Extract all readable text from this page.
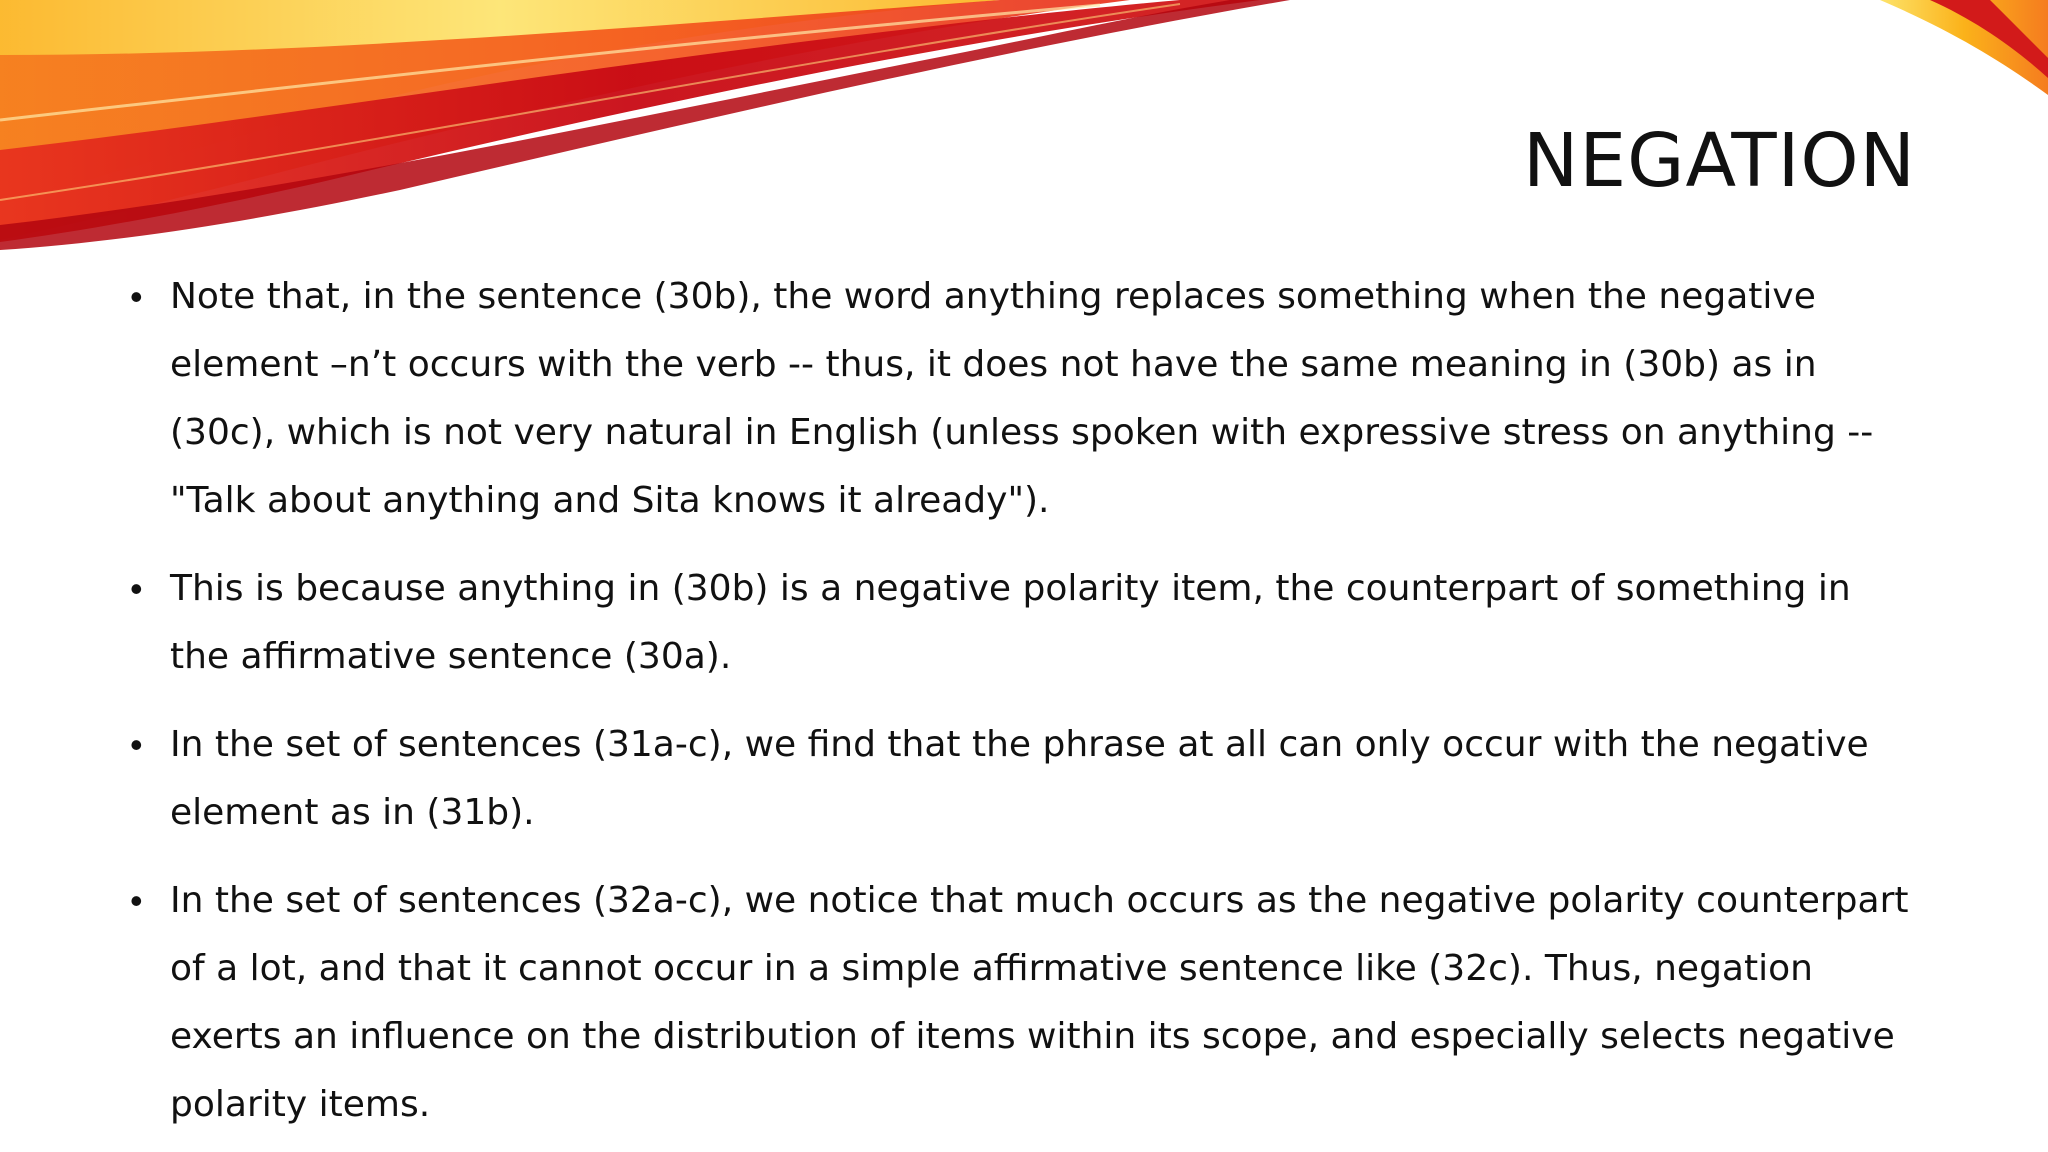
NEGATION
• Note that, in the sentence (30b), the word anything replaces something when the negative element –n’t occurs with the verb -- thus, it does not have the same meaning in (30b) as in (30c), which is not very natural in English (unless spoken with expressive stress on anything -- "Talk about anything and Sita knows it already").
• This is because anything in (30b) is a negative polarity item, the counterpart of something in the affirmative sentence (30a).
• In the set of sentences (31a-c), we find that the phrase at all can only occur with the negative element as in (31b).
• In the set of sentences (32a-c), we notice that much occurs as the negative polarity counterpart of a lot, and that it cannot occur in a simple affirmative sentence like (32c). Thus, negation exerts an influence on the distribution of items within its scope, and especially selects negative polarity items.
